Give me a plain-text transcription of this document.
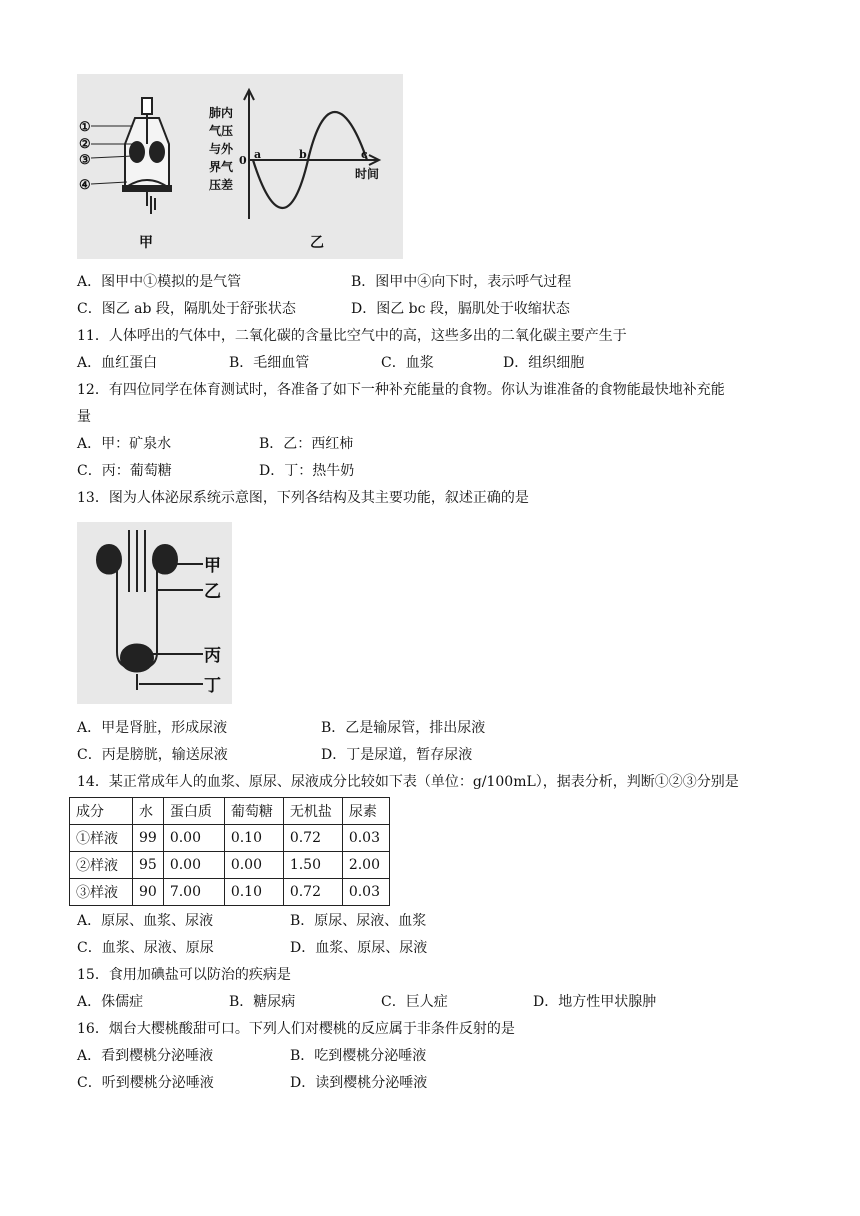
①
②
③
④
甲
肺内
气压
与外
界气
压差
0 a	b	c
时间
乙
A．图甲中①模拟的是气管	B．图甲中④向下时，表示呼气过程
C．图乙 ab 段，隔肌处于舒张状态	D．图乙 bc 段，膈肌处于收缩状态
11．人体呼出的气体中，二氧化碳的含量比空气中的高，这些多出的二氧化碳主要产生于
A．血红蛋白	B．毛细血管	C．血浆	D．组织细胞
12．有四位同学在体育测试时，各准备了如下一种补充能量的食物。你认为谁准备的食物能最快地补充能
量
A．甲：矿泉水	B．乙：西红柿
C．丙：葡萄糖	D．丁：热牛奶
13．图为人体泌尿系统示意图，下列各结构及其主要功能，叙述正确的是
甲
乙
丙
丁
A．甲是肾脏，形成尿液	B．乙是输尿管，排出尿液
C．丙是膀胱，输送尿液	D．丁是尿道，暂存尿液
14．某正常成年人的血浆、原尿、尿液成分比较如下表（单位：g/100mL），据表分析，判断①②③分别是
成分	水	蛋白质	葡萄糖	无机盐	尿素
①样液	99	0.00	0.10	0.72	0.03
②样液	95	0.00	0.00	1.50	2.00
③样液	90	7.00	0.10	0.72	0.03
A．原尿、血浆、尿液	B．原尿、尿液、血浆
C．血浆、尿液、原尿	D．血浆、原尿、尿液
15．食用加碘盐可以防治的疾病是
A．侏儒症	B．糖尿病	C．巨人症	D．地方性甲状腺肿
16．烟台大樱桃酸甜可口。下列人们对樱桃的反应属于非条件反射的是
A．看到樱桃分泌唾液	B．吃到樱桃分泌唾液
C．听到樱桃分泌唾液	D．读到樱桃分泌唾液
